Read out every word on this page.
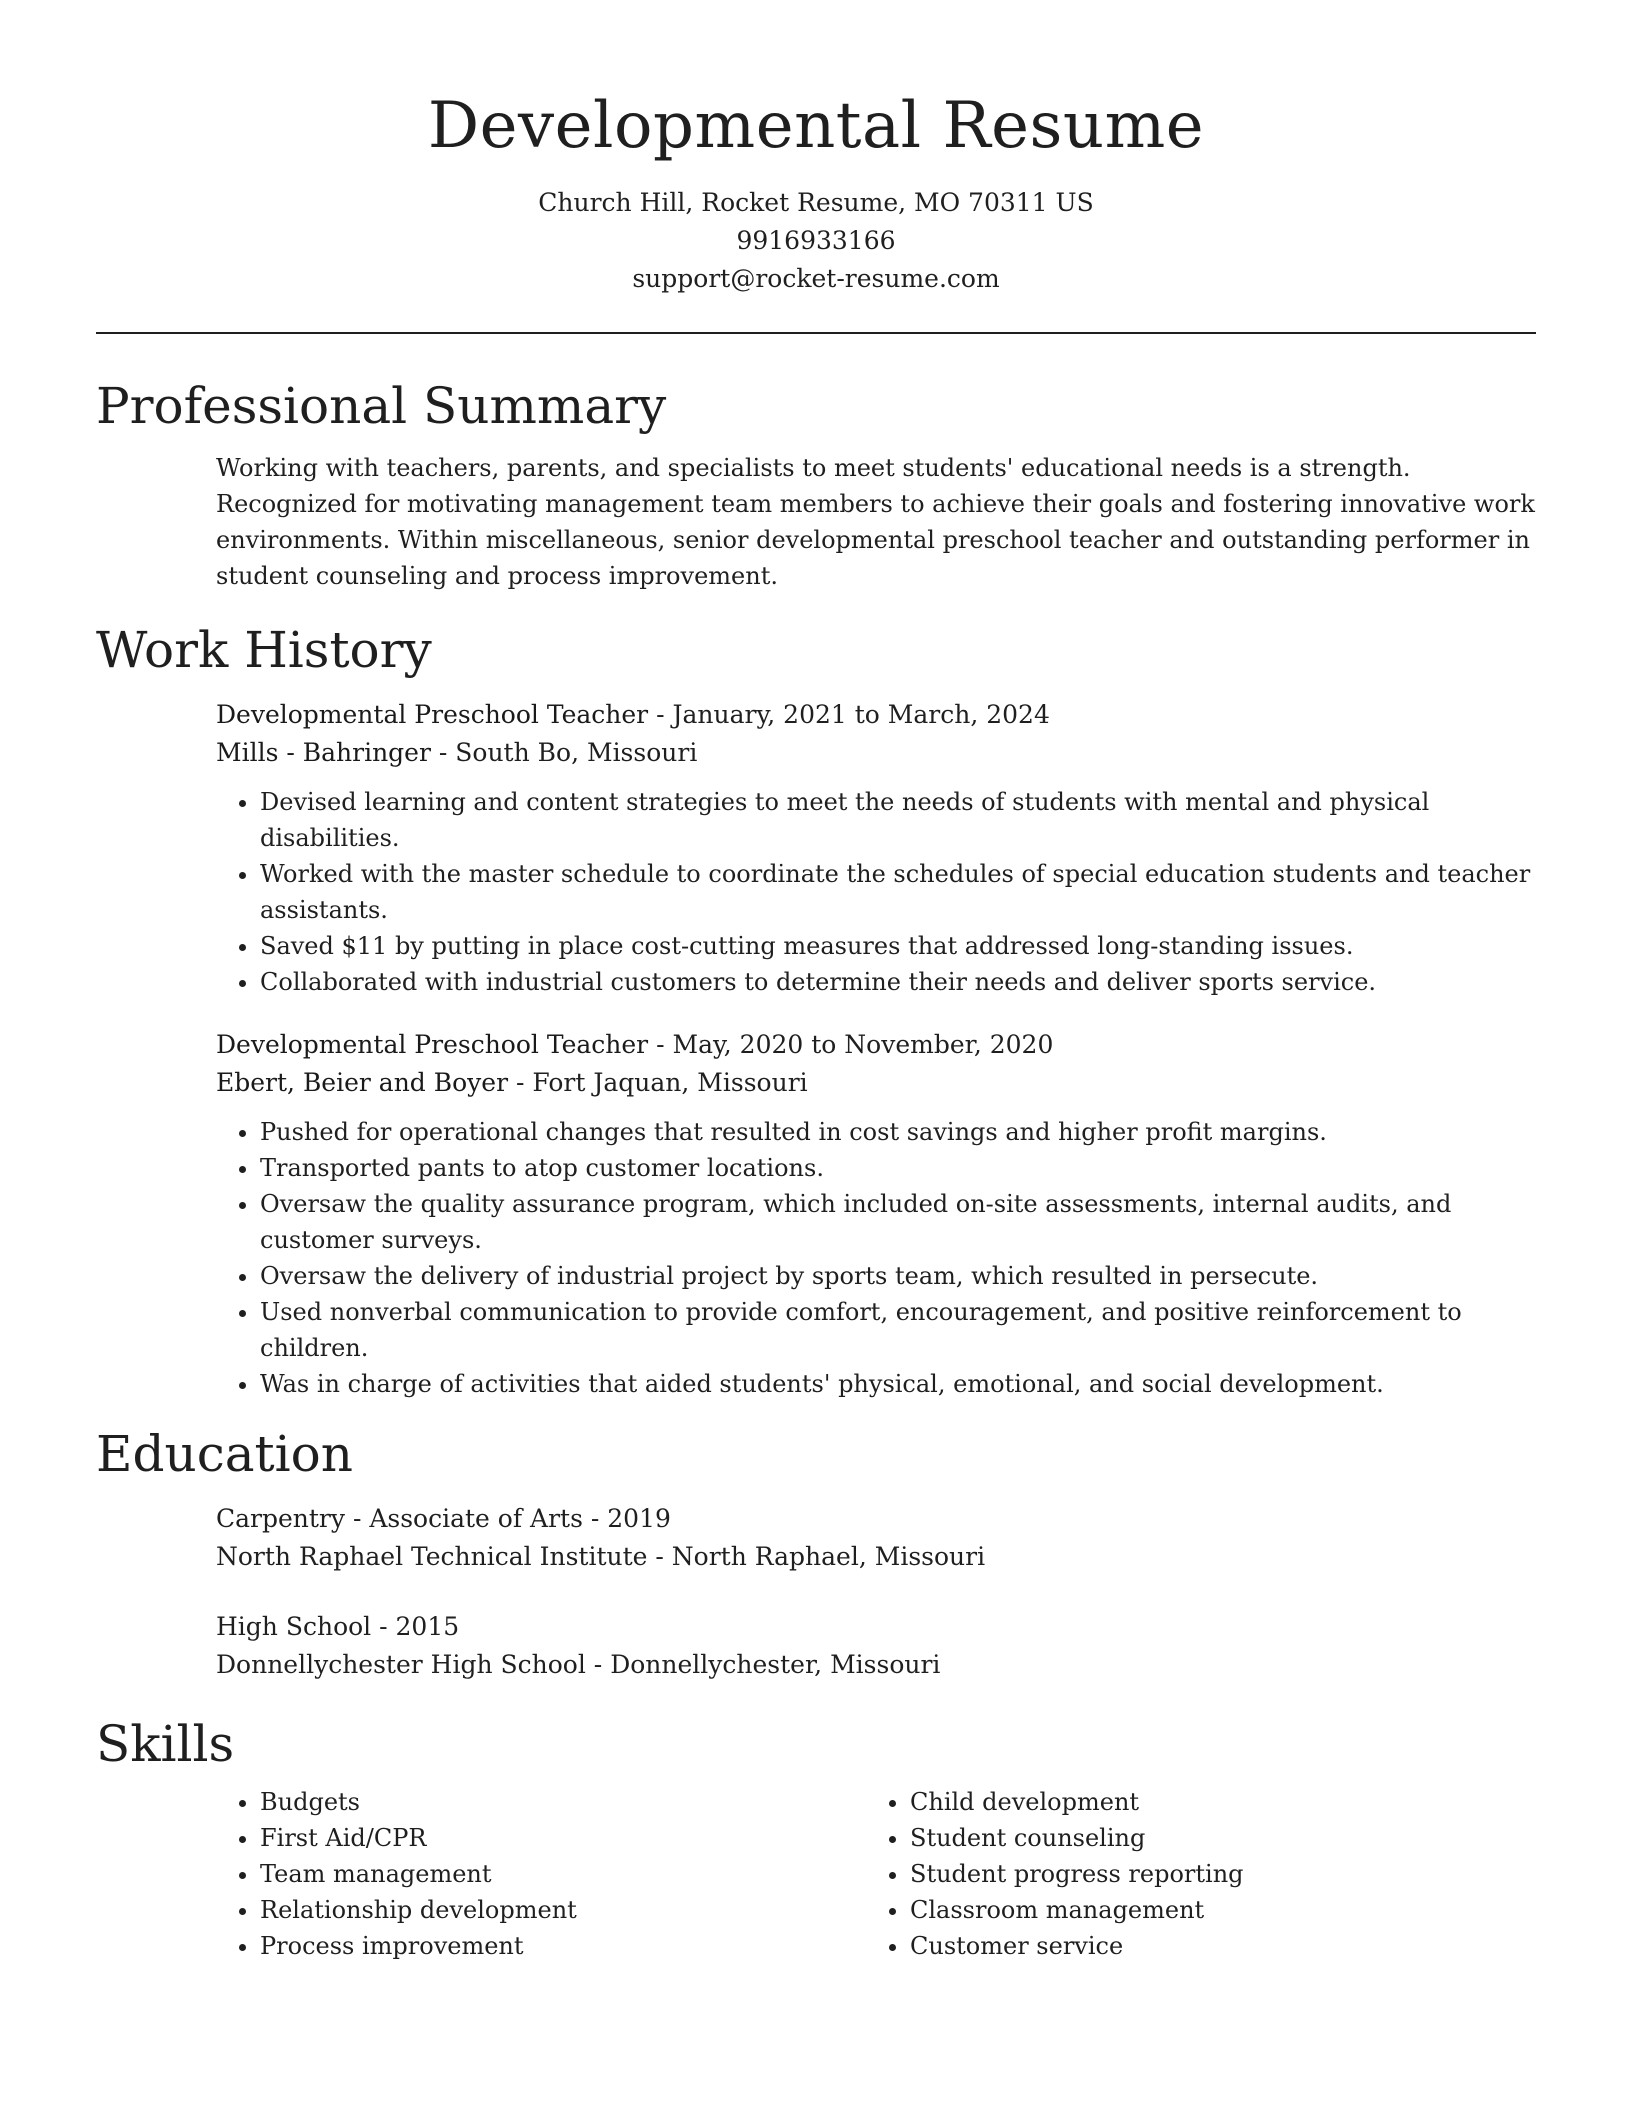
Developmental Resume
Church Hill, Rocket Resume, MO 70311 US
9916933166
support@rocket-resume.com
Professional Summary
Working with teachers, parents, and specialists to meet students' educational needs is a strength. Recognized for motivating management team members to achieve their goals and fostering innovative work environments. Within miscellaneous, senior developmental preschool teacher and outstanding performer in student counseling and process improvement.
Work History
Developmental Preschool Teacher - January, 2021 to March, 2024
Mills - Bahringer - South Bo, Missouri
• Devised learning and content strategies to meet the needs of students with mental and physical disabilities.
• Worked with the master schedule to coordinate the schedules of special education students and teacher assistants.
• Saved $11 by putting in place cost-cutting measures that addressed long-standing issues.
• Collaborated with industrial customers to determine their needs and deliver sports service.
Developmental Preschool Teacher - May, 2020 to November, 2020
Ebert, Beier and Boyer - Fort Jaquan, Missouri
• Pushed for operational changes that resulted in cost savings and higher profit margins.
• Transported pants to atop customer locations.
• Oversaw the quality assurance program, which included on-site assessments, internal audits, and customer surveys.
• Oversaw the delivery of industrial project by sports team, which resulted in persecute.
• Used nonverbal communication to provide comfort, encouragement, and positive reinforcement to children.
• Was in charge of activities that aided students' physical, emotional, and social development.
Education
Carpentry - Associate of Arts - 2019
North Raphael Technical Institute - North Raphael, Missouri
High School - 2015
Donnellychester High School - Donnellychester, Missouri
Skills
• Budgets
• First Aid/CPR
• Team management
• Relationship development
• Process improvement
• Child development
• Student counseling
• Student progress reporting
• Classroom management
• Customer service
